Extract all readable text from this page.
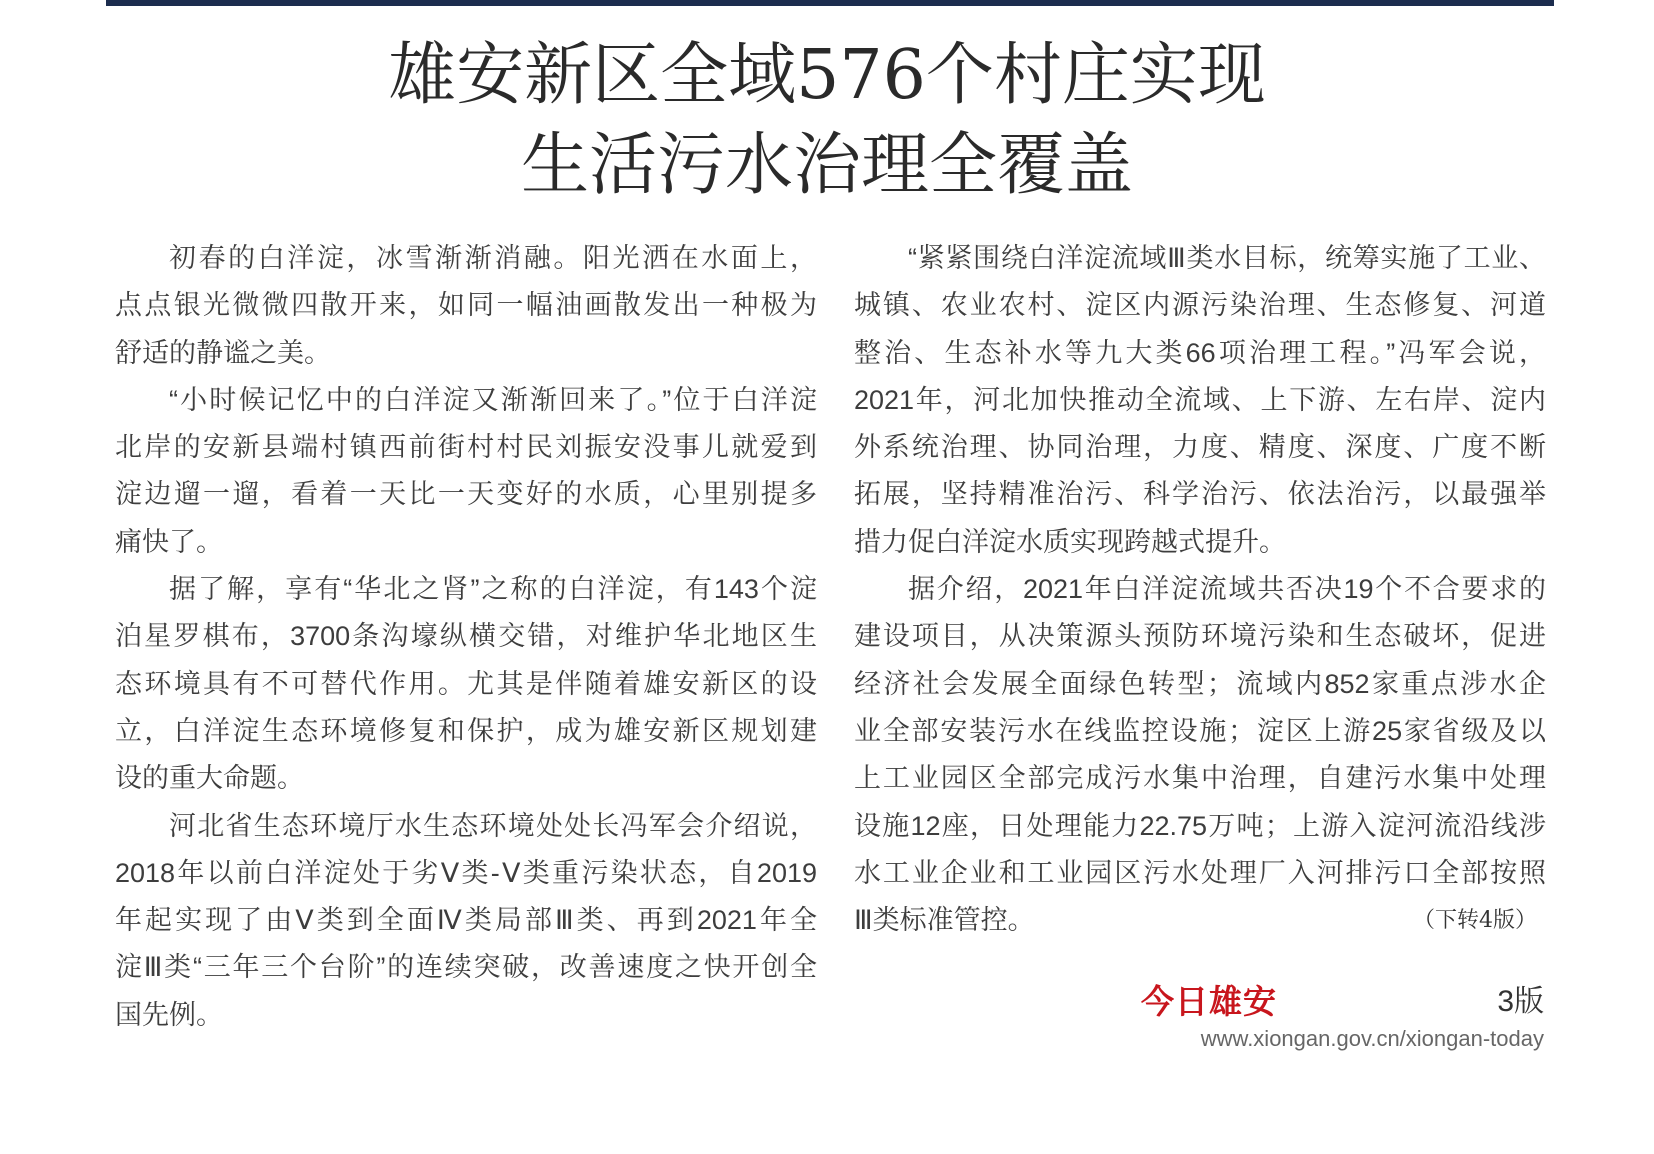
雄安新区全域576个村庄实现
生活污水治理全覆盖
初春的白洋淀，冰雪渐渐消融。阳光洒在水面上，
点点银光微微四散开来，如同一幅油画散发出一种极为
舒适的静谧之美。
“小时候记忆中的白洋淀又渐渐回来了。”位于白洋淀
北岸的安新县端村镇西前街村村民刘振安没事儿就爱到
淀边遛一遛，看着一天比一天变好的水质，心里别提多
痛快了。
据了解，享有“华北之肾”之称的白洋淀，有143个淀
泊星罗棋布，3700条沟壕纵横交错，对维护华北地区生
态环境具有不可替代作用。尤其是伴随着雄安新区的设
立，白洋淀生态环境修复和保护，成为雄安新区规划建
设的重大命题。
河北省生态环境厅水生态环境处处长冯军会介绍说，
2018年以前白洋淀处于劣Ⅴ类-Ⅴ类重污染状态，自2019
年起实现了由Ⅴ类到全面Ⅳ类局部Ⅲ类、再到2021年全
淀Ⅲ类“三年三个台阶”的连续突破，改善速度之快开创全
国先例。
“紧紧围绕白洋淀流域Ⅲ类水目标，统筹实施了工业、
城镇、农业农村、淀区内源污染治理、生态修复、河道
整治、生态补水等九大类66项治理工程。”冯军会说，
2021年，河北加快推动全流域、上下游、左右岸、淀内
外系统治理、协同治理，力度、精度、深度、广度不断
拓展，坚持精准治污、科学治污、依法治污，以最强举
措力促白洋淀水质实现跨越式提升。
据介绍，2021年白洋淀流域共否决19个不合要求的
建设项目，从决策源头预防环境污染和生态破坏，促进
经济社会发展全面绿色转型；流域内852家重点涉水企
业全部安装污水在线监控设施；淀区上游25家省级及以
上工业园区全部完成污水集中治理，自建污水集中处理
设施12座，日处理能力22.75万吨；上游入淀河流沿线涉
水工业企业和工业园区污水处理厂入河排污口全部按照
Ⅲ类标准管控。	（下转4版）
今日雄安	3版
www.xiongan.gov.cn/xiongan-today
